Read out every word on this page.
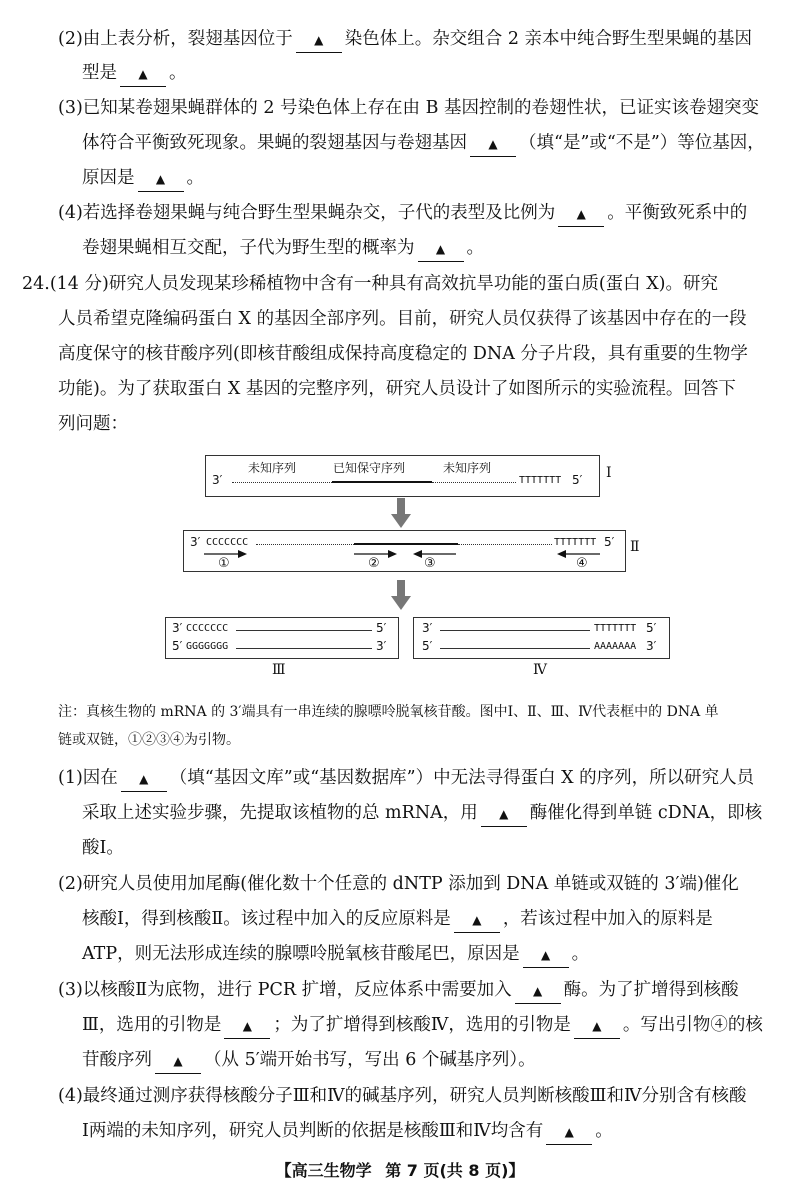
(2)由上表分析，裂翅基因位于 ▲ 染色体上。杂交组合 2 亲本中纯合野生型果蝇的基因
型是 ▲ 。
(3)已知某卷翅果蝇群体的 2 号染色体上存在由 B 基因控制的卷翅性状，已证实该卷翅突变
体符合平衡致死现象。果蝇的裂翅基因与卷翅基因 ▲ （填“是”或“不是”）等位基因，
原因是 ▲ 。
(4)若选择卷翅果蝇与纯合野生型果蝇杂交，子代的表型及比例为 ▲ 。平衡致死系中的
卷翅果蝇相互交配，子代为野生型的概率为 ▲ 。
24.(14 分)研究人员发现某珍稀植物中含有一种具有高效抗旱功能的蛋白质(蛋白 X)。研究
人员希望克隆编码蛋白 X 的基因全部序列。目前，研究人员仅获得了该基因中存在的一段
高度保守的核苷酸序列(即核苷酸组成保持高度稳定的 DNA 分子片段，具有重要的生物学
功能)。为了获取蛋白 X 基因的完整序列，研究人员设计了如图所示的实验流程。回答下
列问题：
3′
未知序列	已知保守序列	未知序列
TTTTTTT 5′ Ⅰ
3′ CCCCCCC	TTTTTTT 5′
①	②	③	④
Ⅱ
3′ CCCCCCC	5′
5′ GGGGGGG	3′
Ⅲ
3′	TTTTTTT 5′
5′	AAAAAAA 3′
Ⅳ
注：真核生物的 mRNA 的 3′端具有一串连续的腺嘌呤脱氧核苷酸。图中Ⅰ、Ⅱ、Ⅲ、Ⅳ代表框中的 DNA 单
链或双链，①②③④为引物。
(1)因在 ▲ （填“基因文库”或“基因数据库”）中无法寻得蛋白 X 的序列，所以研究人员
采取上述实验步骤，先提取该植物的总 mRNA，用 ▲ 酶催化得到单链 cDNA，即核
酸Ⅰ。
(2)研究人员使用加尾酶(催化数十个任意的 dNTP 添加到 DNA 单链或双链的 3′端)催化
核酸Ⅰ，得到核酸Ⅱ。该过程中加入的反应原料是 ▲ ，若该过程中加入的原料是
ATP，则无法形成连续的腺嘌呤脱氧核苷酸尾巴，原因是 ▲ 。
(3)以核酸Ⅱ为底物，进行 PCR 扩增，反应体系中需要加入 ▲ 酶。为了扩增得到核酸
Ⅲ，选用的引物是 ▲ ；为了扩增得到核酸Ⅳ，选用的引物是 ▲ 。写出引物④的核
苷酸序列 ▲ （从 5′端开始书写，写出 6 个碱基序列）。
(4)最终通过测序获得核酸分子Ⅲ和Ⅳ的碱基序列，研究人员判断核酸Ⅲ和Ⅳ分别含有核酸
Ⅰ两端的未知序列，研究人员判断的依据是核酸Ⅲ和Ⅳ均含有 ▲ 。
【高三生物学 第 7 页(共 8 页)】
